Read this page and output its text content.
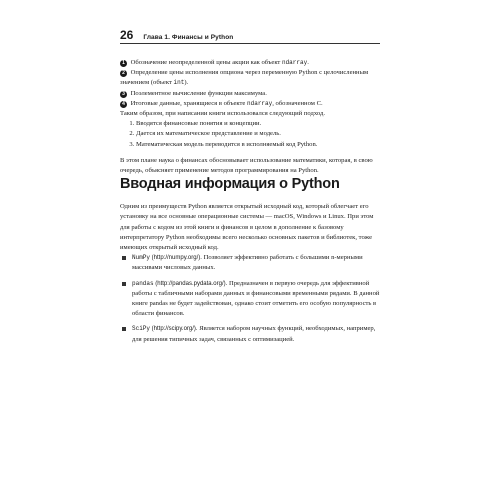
26 Глава 1. Финансы и Python

1 Обозначение неопределенной цены акции как объект ndarray.

2 Определение цены исполнения опциона через переменную Python с целочисленным значением (объект int).

3 Поэлементное вычисление функции максимума.

4 Итоговые данные, хранящиеся в объекте ndarray, обозначенном C.

Таким образом, при написании книги использовался следующий подход.

1. Вводятся финансовые понятия и концепции.
2. Дается их математическое представление и модель.
3. Математическая модель переводится в исполняемый код Python.

В этом плане наука о финансах обосновывает использование математики, которая, в свою очередь, объясняет применение методов программирования на Python.

Вводная информация о Python

Одним из преимуществ Python является открытый исходный код, который облегчает его установку на все основные операционные системы — macOS, Windows и Linux. При этом для работы с кодом из этой книги и финансов в целом в дополнение к базовому интерпретатору Python необходимы всего несколько основных пакетов и библиотек, тоже имеющих открытый исходный код.

NumPy (http://numpy.org/). Позволяет эффективно работать с большими n-мерными массивами числовых данных.
pandas (http://pandas.pydata.org/). Предназначен в первую очередь для эффективной работы с табличными наборами данных и финансовыми временными рядами. В данной книге pandas не будет задействован, однако стоит отметить его особую популярность в области финансов.
SciPy (http://scipy.org/). Является набором научных функций, необходимых, например, для решения типичных задач, связанных с оптимизацией.
